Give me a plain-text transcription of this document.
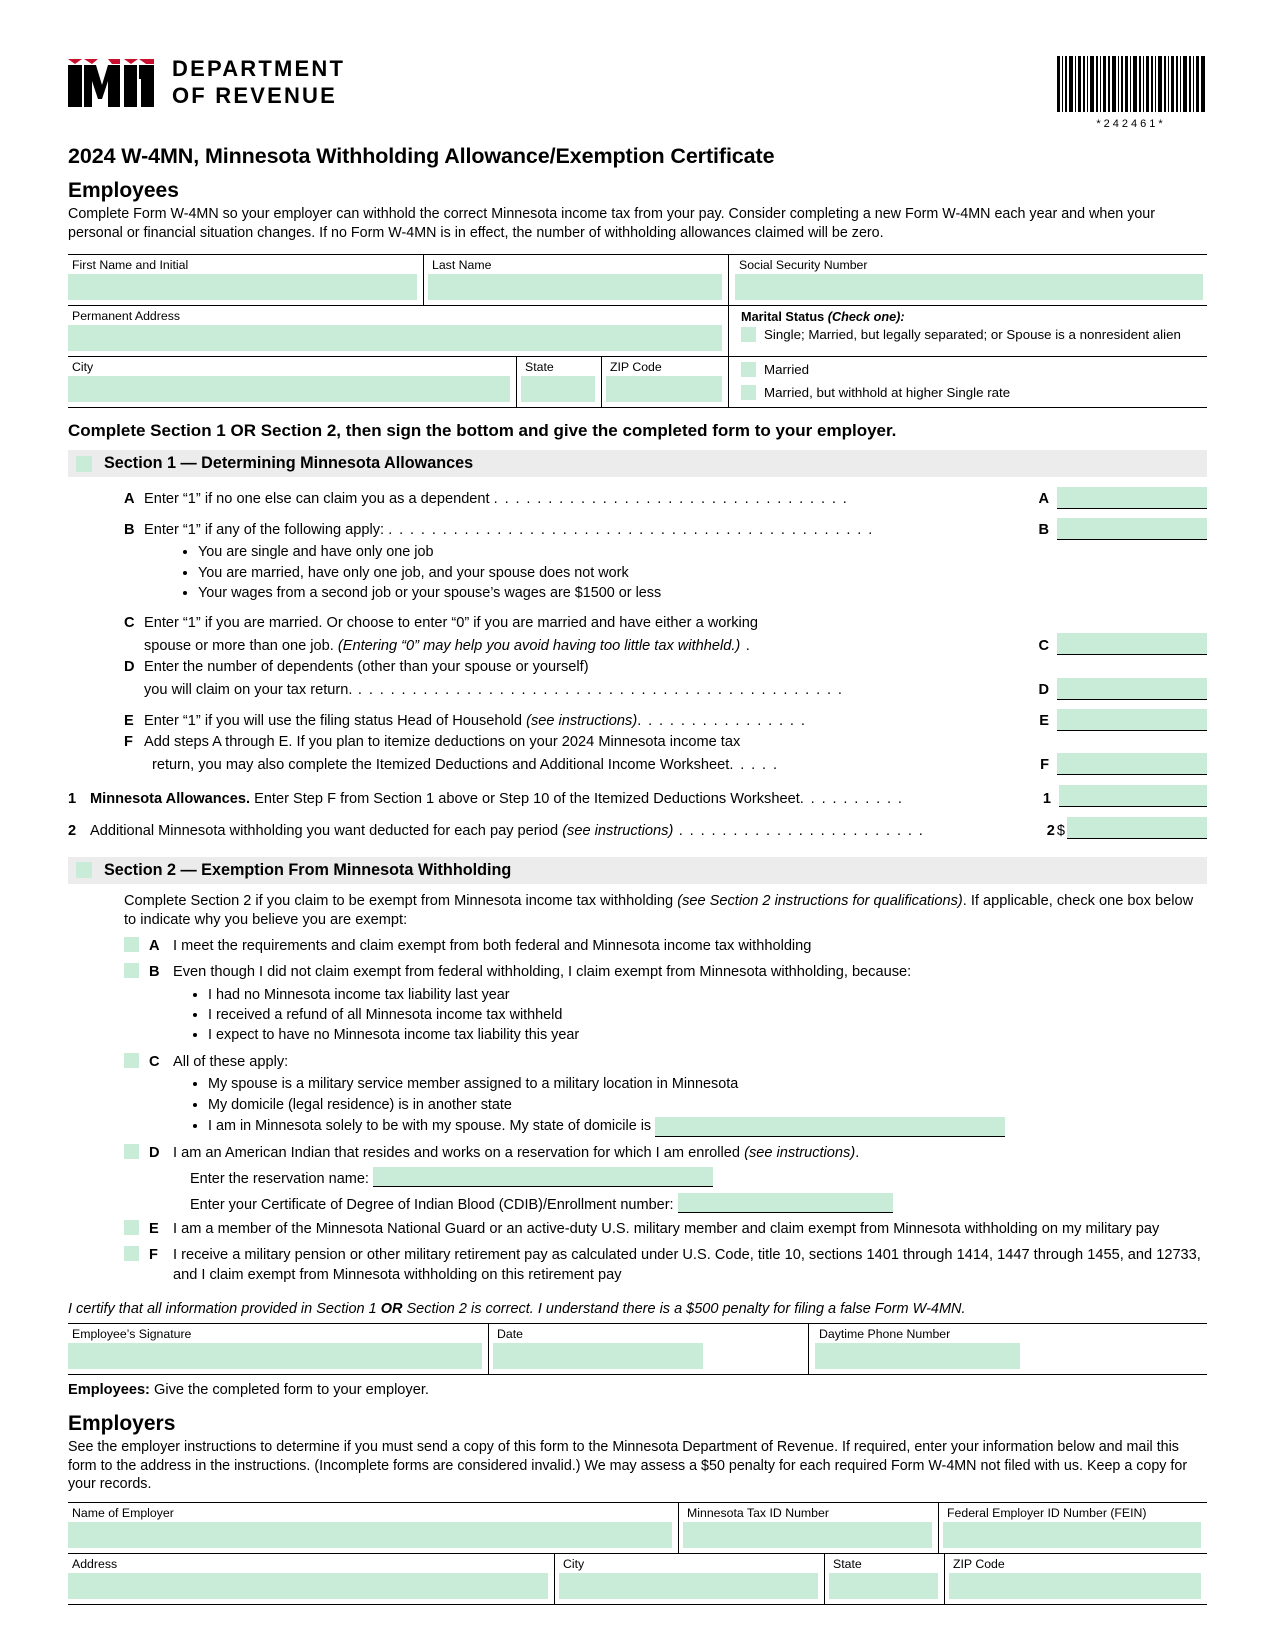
DEPARTMENT
OF REVENUE
*242461*
2024 W-4MN, Minnesota Withholding Allowance/Exemption Certificate
Employees
Complete Form W-4MN so your employer can withhold the correct Minnesota income tax from your pay. Consider completing a new Form W-4MN each year and when your personal or financial situation changes. If no Form W-4MN is in effect, the number of withholding allowances claimed will be zero.
First Name and Initial	Last Name	Social Security Number
Permanent Address	Marital Status (Check one):
Single; Married, but legally separated; or Spouse is a nonresident alien
City	State	ZIP Code	Married
Married, but withhold at higher Single rate
Complete Section 1 OR Section 2, then sign the bottom and give the completed form to your employer.
Section 1 — Determining Minnesota Allowances
A Enter “1” if no one else can claim you as a dependent . . . . . . . . . . . . . . . . . . . . . . . . . . . . . . . . .	A
B Enter “1” if any of the following apply: . . . . . . . . . . . . . . . . . . . . . . . . . . . . . . . . . . . . . . . . . . . . .	B
• You are single and have only one job
• You are married, have only one job, and your spouse does not work
• Your wages from a second job or your spouse’s wages are $1500 or less
C Enter “1” if you are married. Or choose to enter “0” if you are married and have either a working
spouse or more than one job. (Entering “0” may help you avoid having too little tax withheld.) .	C
D Enter the number of dependents (other than your spouse or yourself)
you will claim on your tax return. . . . . . . . . . . . . . . . . . . . . . . . . . . . . . . . . . . . . . . . . . . . . .	D
E Enter “1” if you will use the filing status Head of Household (see instructions). . . . . . . . . . . . . . . .	E
F Add steps A through E. If you plan to itemize deductions on your 2024 Minnesota income tax
return, you may also complete the Itemized Deductions and Additional Income Worksheet. . . . .	F
1 Minnesota Allowances. Enter Step F from Section 1 above or Step 10 of the Itemized Deductions Worksheet. . . . . . . . . .	1
2 Additional Minnesota withholding you want deducted for each pay period (see instructions) . . . . . . . . . . . . . . . . . . . . . . .	2 $
Section 2 — Exemption From Minnesota Withholding
Complete Section 2 if you claim to be exempt from Minnesota income tax withholding (see Section 2 instructions for qualifications). If applicable, check one box below to indicate why you believe you are exempt:
A I meet the requirements and claim exempt from both federal and Minnesota income tax withholding
B Even though I did not claim exempt from federal withholding, I claim exempt from Minnesota withholding, because:
• I had no Minnesota income tax liability last year
• I received a refund of all Minnesota income tax withheld
• I expect to have no Minnesota income tax liability this year
C All of these apply:
• My spouse is a military service member assigned to a military location in Minnesota
• My domicile (legal residence) is in another state
• I am in Minnesota solely to be with my spouse. My state of domicile is
D I am an American Indian that resides and works on a reservation for which I am enrolled (see instructions).
Enter the reservation name:
Enter your Certificate of Degree of Indian Blood (CDIB)/Enrollment number:
E I am a member of the Minnesota National Guard or an active-duty U.S. military member and claim exempt from Minnesota withholding on my military pay
F	I receive a military pension or other military retirement pay as calculated under U.S. Code, title 10, sections 1401 through 1414, 1447 through 1455, and 12733, and I claim exempt from Minnesota withholding on this retirement pay
I certify that all information provided in Section 1 OR Section 2 is correct. I understand there is a $500 penalty for filing a false Form W-4MN.
Employee’s Signature	Date	Daytime Phone Number
Employees: Give the completed form to your employer.
Employers
See the employer instructions to determine if you must send a copy of this form to the Minnesota Department of Revenue. If required, enter your information below and mail this form to the address in the instructions. (Incomplete forms are considered invalid.) We may assess a $50 penalty for each required Form W-4MN not filed with us. Keep a copy for your records.
Name of Employer	Minnesota Tax ID Number	Federal Employer ID Number (FEIN)
Address	City	State	ZIP Code
